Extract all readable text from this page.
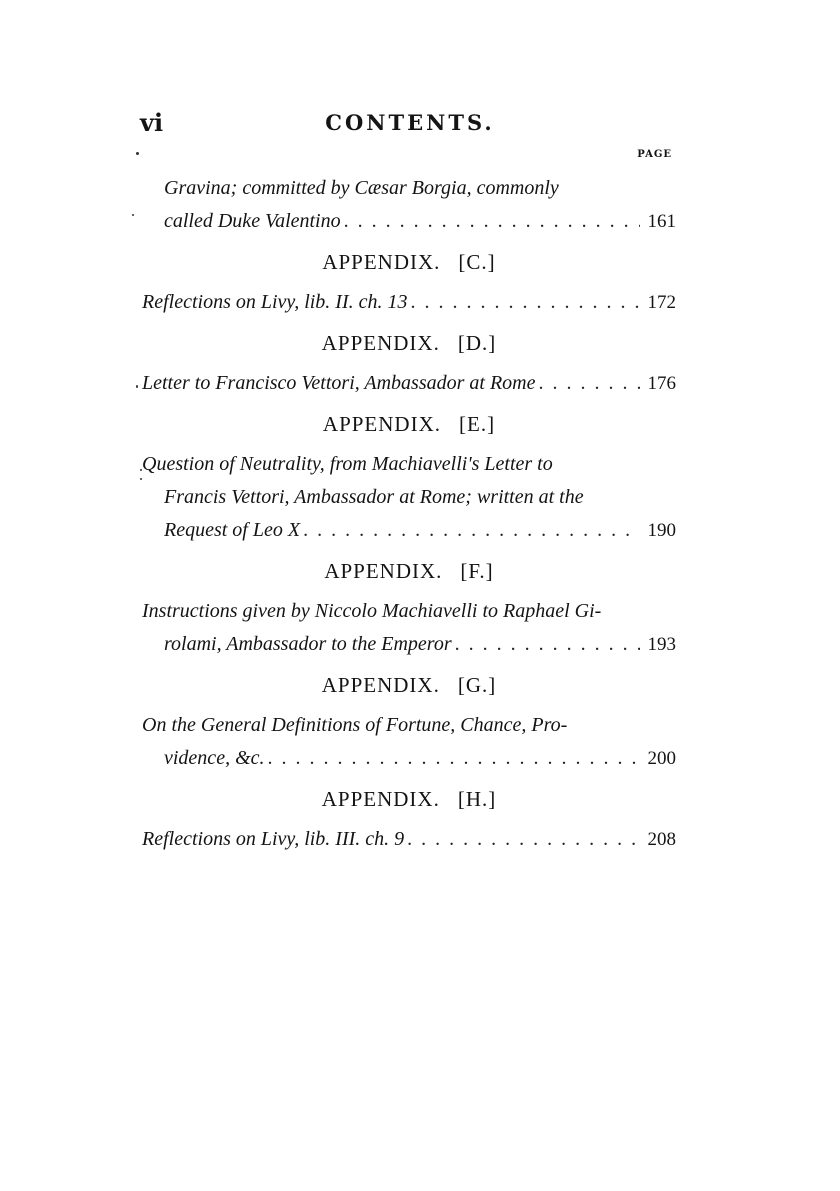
vi	CONTENTS.
PAGE
Gravina; committed by Cæsar Borgia, commonly
called Duke Valentino . . .	161
APPENDIX. [C.]
Reflections on Livy, lib. II. ch. 13 . . .	172
APPENDIX. [D.]
Letter to Francisco Vettori, Ambassador at Rome . . .	176
APPENDIX. [E.]
Question of Neutrality, from Machiavelli's Letter to
Francis Vettori, Ambassador at Rome; written at the
Request of Leo X . . .	190
APPENDIX. [F.]
Instructions given by Niccolo Machiavelli to Raphael Gi-
rolami, Ambassador to the Emperor . . .	193
APPENDIX. [G.]
On the General Definitions of Fortune, Chance, Pro-
vidence, &c. . . .	200
APPENDIX. [H.]
Reflections on Livy, lib. III. ch. 9 . . .	208
